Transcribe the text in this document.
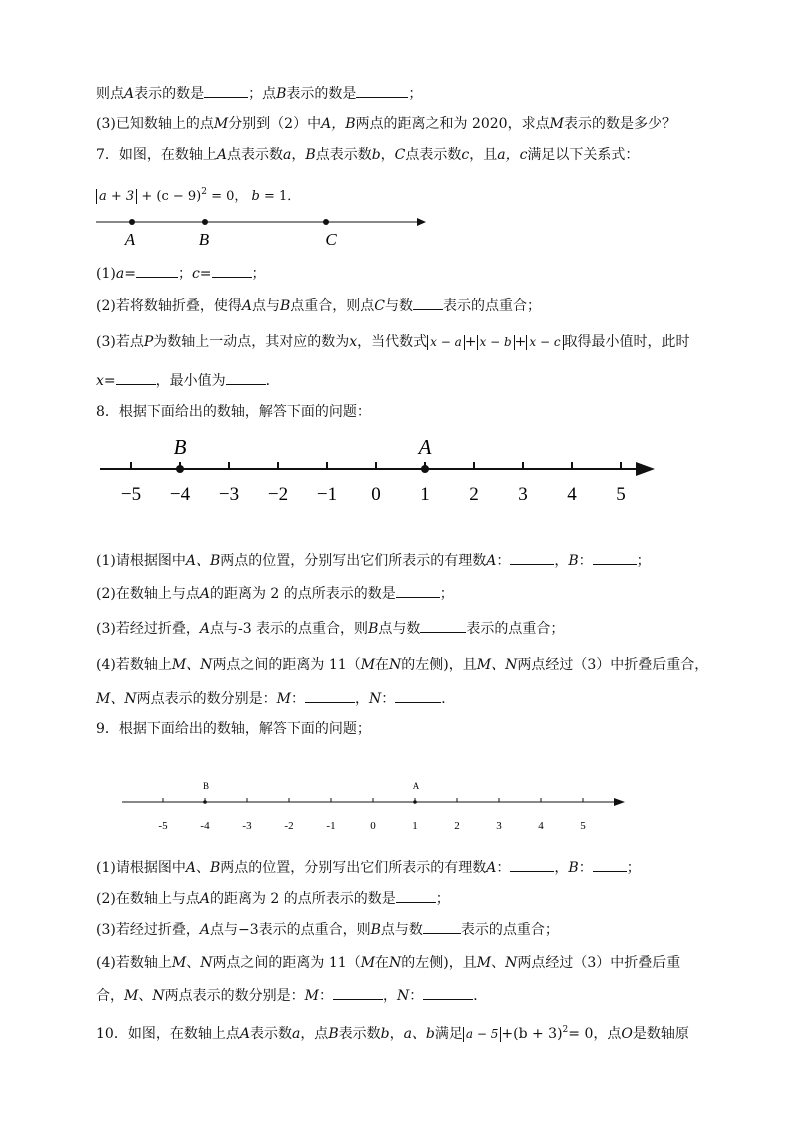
则点A表示的数是	；点B表示的数是	；
(3)已知数轴上的点M分别到（2）中A，B两点的距离之和为 2020，求点M表示的数是多少？
7．如图，在数轴上A点表示数a，B点表示数b，C点表示数c，且a，c满足以下关系式：
$a + 3 + (c - 9)^2 = 0$， b = 1．
A	B	C
−5 −4 −3 −2 −1 0 1 2 3 4 5
B	A
-5	-4	-3	-2	-1	0	1	2	3	4	5
B	A
(1)a=	；c=	；
(2)若将数轴折叠，使得A点与B点重合，则点C与数 表示的点重合；
(3)若点P为数轴上一动点，其对应的数为x，当代数式 x − a + x − b + x − c 取得最小值时，此时
x=	，最小值为	．
8．根据下面给出的数轴，解答下面的问题：
(1)请根据图中A、B两点的位置，分别写出它们所表示的有理数A：	，B：	；
(2)在数轴上与点A的距离为 2 的点所表示的数是	；
(3)若经过折叠，A点与-3 表示的点重合，则B点与数	表示的点重合；
(4)若数轴上M、N两点之间的距离为 11（M在N的左侧)，且M、N两点经过（3）中折叠后重合，
M、N两点表示的数分别是：M：	，N：	．
9．根据下面给出的数轴，解答下面的问题；
(1)请根据图中A、B两点的位置，分别写出它们所表示的有理数A：	，B： ；
(2)在数轴上与点A的距离为 2 的点所表示的数是	；
(3)若经过折叠，A点与−3表示的点重合，则B点与数	表示的点重合；
(4)若数轴上M、N两点之间的距离为 11（M在N的左侧)，且M、N两点经过（3）中折叠后重
合，M、N两点表示的数分别是：M：	，N：	．
10．如图，在数轴上点A表示数a，点B表示数b，a、b满足 $a - 5 +(b + 3)^2= 0$，点O是数轴原
